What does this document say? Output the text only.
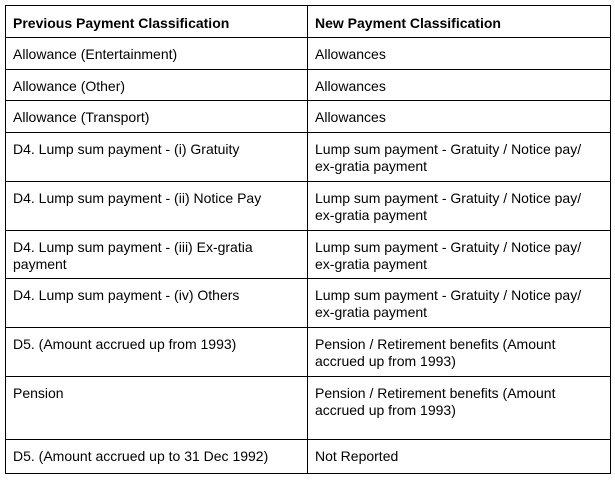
Previous Payment Classification	New Payment Classification
Allowance (Entertainment)	Allowances
Allowance (Other)	Allowances
Allowance (Transport)	Allowances
D4. Lump sum payment - (i) Gratuity	Lump sum payment - Gratuity / Notice pay/ ex-gratia payment
D4. Lump sum payment - (ii) Notice Pay	Lump sum payment - Gratuity / Notice pay/ ex-gratia payment
D4. Lump sum payment - (iii) Ex-gratia payment	Lump sum payment - Gratuity / Notice pay/ ex-gratia payment
D4. Lump sum payment - (iv) Others	Lump sum payment - Gratuity / Notice pay/ ex-gratia payment
D5. (Amount accrued up from 1993)	Pension / Retirement benefits (Amount accrued up from 1993)
Pension	Pension / Retirement benefits (Amount accrued up from 1993)
D5. (Amount accrued up to 31 Dec 1992)	Not Reported
